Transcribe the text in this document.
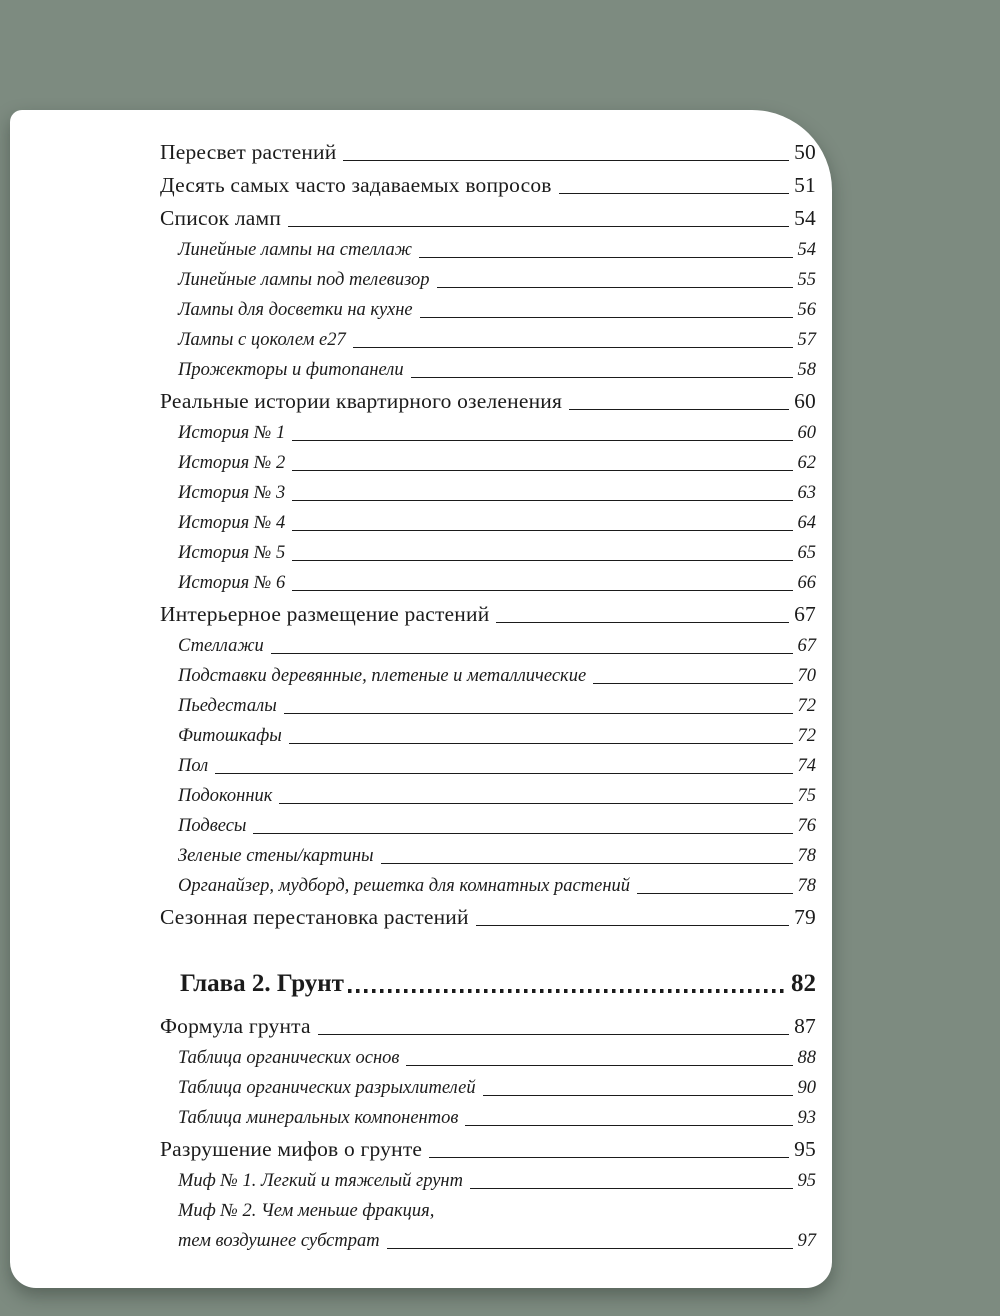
Пересвет растений	50
Десять самых часто задаваемых вопросов	51
Список ламп	54
Линейные лампы на стеллаж	54
Линейные лампы под телевизор	55
Лампы для досветки на кухне	56
Лампы с цоколем е27	57
Прожекторы и фитопанели	58
Реальные истории квартирного озеленения	60
История № 1	60
История № 2	62
История № 3	63
История № 4	64
История № 5	65
История № 6	66
Интерьерное размещение растений	67
Стеллажи	67
Подставки деревянные, плетеные и металлические	70
Пьедесталы	72
Фитошкафы	72
Пол	74
Подоконник	75
Подвесы	76
Зеленые стены/картины	78
Органайзер, мудборд, решетка для комнатных растений	78
Сезонная перестановка растений	79
Глава 2. Грунт	82
Формула грунта	87
Таблица органических основ	88
Таблица органических разрыхлителей	90
Таблица минеральных компонентов	93
Разрушение мифов о грунте	95
Миф № 1. Легкий и тяжелый грунт	95
Миф № 2. Чем меньше фракция,
тем воздушнее субстрат	97
